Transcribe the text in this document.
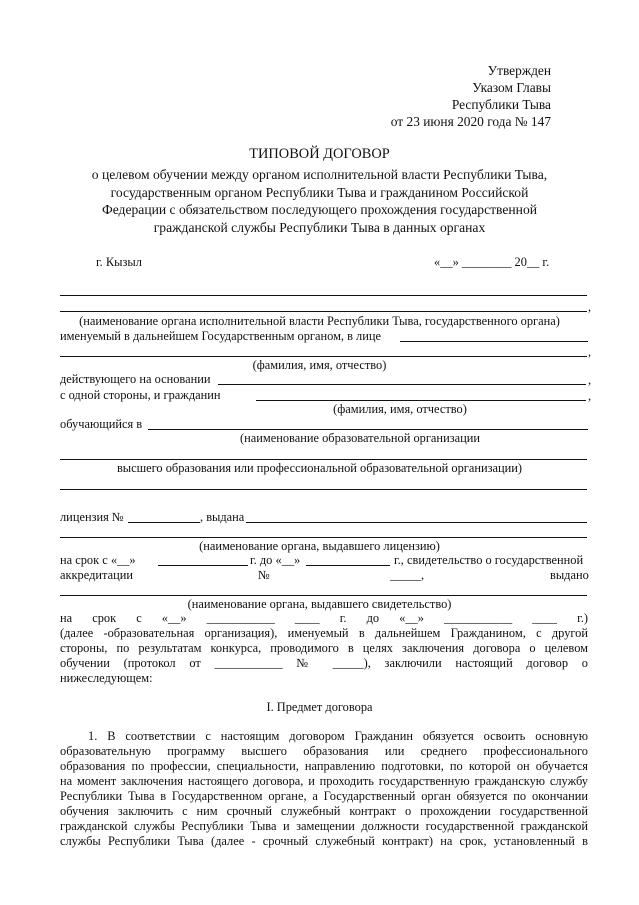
Утвержден
Указом Главы
Республики Тыва
от 23 июня 2020 года № 147
ТИПОВОЙ ДОГОВОР
о целевом обучении между органом исполнительной власти Республики Тыва,
государственным органом Республики Тыва и гражданином Российской
Федерации с обязательством последующего прохождения государственной
гражданской службы Республики Тыва в данных органах
г. Кызыл	«__» ________ 20__ г.
,
(наименование органа исполнительной власти Республики Тыва, государственного органа)
именуемый в дальнейшем Государственным органом, в лице
,
(фамилия, имя, отчество)
действующего на основании	,
с одной стороны, и гражданин	,
(фамилия, имя, отчество)
обучающийся в
(наименование образовательной организации
высшего образования или профессиональной образовательной организации)
лицензия №	, выдана
(наименование органа, выдавшего лицензию)
на срок с «__»	г. до «__»	г., свидетельство о государственной
аккредитации	№	_____,	выдано
(наименование органа, выдавшего свидетельство)
на срок с «__» ___________ ____ г. до «__» ___________ ____ г.)
(далее -образовательная организация), именуемый в дальнейшем Гражданином, с другой
стороны, по результатам конкурса, проводимого в целях заключения договора о целевом
обучении (протокол от ___________ № _____), заключили настоящий договор о
нижеследующем:
I. Предмет договора
1. В соответствии с настоящим договором Гражданин обязуется освоить основную
образовательную программу высшего образования или среднего профессионального
образования по профессии, специальности, направлению подготовки, по которой он обучается
на момент заключения настоящего договора, и проходить государственную гражданскую службу
Республики Тыва в Государственном органе, а Государственный орган обязуется по окончании
обучения заключить с ним срочный служебный контракт о прохождении государственной
гражданской службы Республики Тыва и замещении должности государственной гражданской
службы Республики Тыва (далее - срочный служебный контракт) на срок, установленный в
